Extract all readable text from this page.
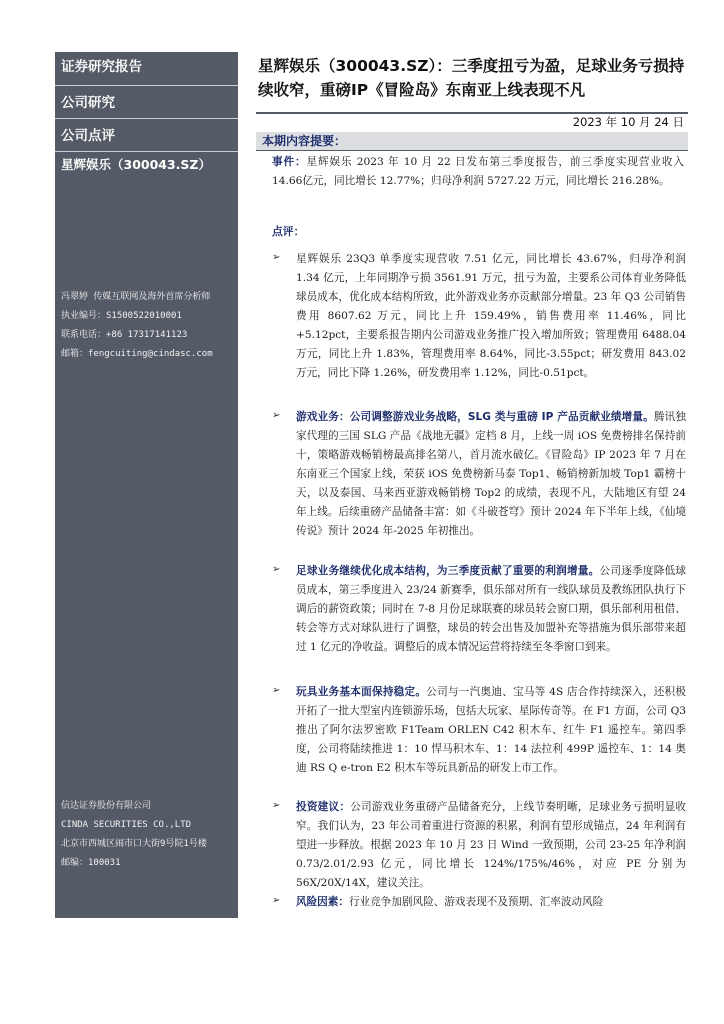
证券研究报告
公司研究
公司点评
星辉娱乐（300043.SZ）
冯翠婷 传媒互联网及海外首席分析师
执业编号：S1500522010001
联系电话：+86 17317141123
邮箱：fengcuiting@cindasc.com
信达证券股份有限公司
CINDA SECURITIES CO.,LTD
北京市西城区闹市口大街9号院1号楼
邮编：100031
星辉娱乐（300043.SZ）：三季度扭亏为盈，足球业务亏损持续收窄，重磅IP《冒险岛》东南亚上线表现不凡
2023 年 10 月 24 日
本期内容提要：
事件：星辉娱乐 2023 年 10 月 22 日发布第三季度报告，前三季度实现营业收入 14.66亿元，同比增长 12.77%；归母净利润 5727.22 万元，同比增长 216.28%。
点评：
➢ 星辉娱乐 23Q3 单季度实现营收 7.51 亿元，同比增长 43.67%，归母净利润 1.34 亿元，上年同期净亏损 3561.91 万元，扭亏为盈，主要系公司体育业务降低球员成本，优化成本结构所致，此外游戏业务亦贡献部分增量。23 年 Q3 公司销售费用 8607.62 万元，同比上升 159.49%，销售费用率 11.46%，同比+5.12pct，主要系报告期内公司游戏业务推广投入增加所致；管理费用 6488.04 万元，同比上升 1.83%，管理费用率 8.64%，同比-3.55pct；研发费用 843.02 万元，同比下降 1.26%，研发费用率 1.12%，同比-0.51pct。
➢ 游戏业务：公司调整游戏业务战略，SLG 类与重磅 IP 产品贡献业绩增量。腾讯独家代理的三国 SLG 产品《战地无疆》定档 8 月，上线一周 iOS 免费榜排名保持前十，策略游戏畅销榜最高排名第八，首月流水破亿。《冒险岛》IP 2023 年 7 月在东南亚三个国家上线，荣获 iOS 免费榜新马泰 Top1、畅销榜新加坡 Top1 霸榜十天，以及泰国、马来西亚游戏畅销榜 Top2 的成绩，表现不凡，大陆地区有望 24 年上线。后续重磅产品储备丰富：如《斗破苍穹》预计 2024 年下半年上线，《仙境传说》预计 2024 年-2025 年初推出。
➢ 足球业务继续优化成本结构，为三季度贡献了重要的利润增量。公司逐季度降低球员成本，第三季度进入 23/24 新赛季，俱乐部对所有一线队球员及教练团队执行下调后的薪资政策；同时在 7-8 月份足球联赛的球员转会窗口期，俱乐部利用租借、转会等方式对球队进行了调整，球员的转会出售及加盟补充等措施为俱乐部带来超过 1 亿元的净收益。调整后的成本情况运营将持续至冬季窗口到来。
➢ 玩具业务基本面保持稳定。公司与一汽奥迪、宝马等 4S 店合作持续深入，还积极开拓了一批大型室内连锁游乐场，包括大玩家、星际传奇等。在 F1 方面，公司 Q3 推出了阿尔法罗密欧 F1Team ORLEN C42 积木车、红牛 F1 遥控车。第四季度，公司将陆续推进 1：10 悍马积木车、1：14 法拉利 499P 遥控车、1：14 奥迪 RS Q e-tron E2 积木车等玩具新品的研发上市工作。
➢ 投资建议：公司游戏业务重磅产品储备充分，上线节奏明晰，足球业务亏损明显收窄。我们认为，23 年公司着重进行资源的积累，利润有望形成锚点，24 年利润有望进一步释放。根据 2023 年 10 月 23 日 Wind 一致预期，公司 23-25 年净利润 0.73/2.01/2.93 亿元，同比增长 124%/175%/46%，对应 PE 分别为 56X/20X/14X，建议关注。
➢ 风险因素：行业竞争加剧风险、游戏表现不及预期、汇率波动风险
